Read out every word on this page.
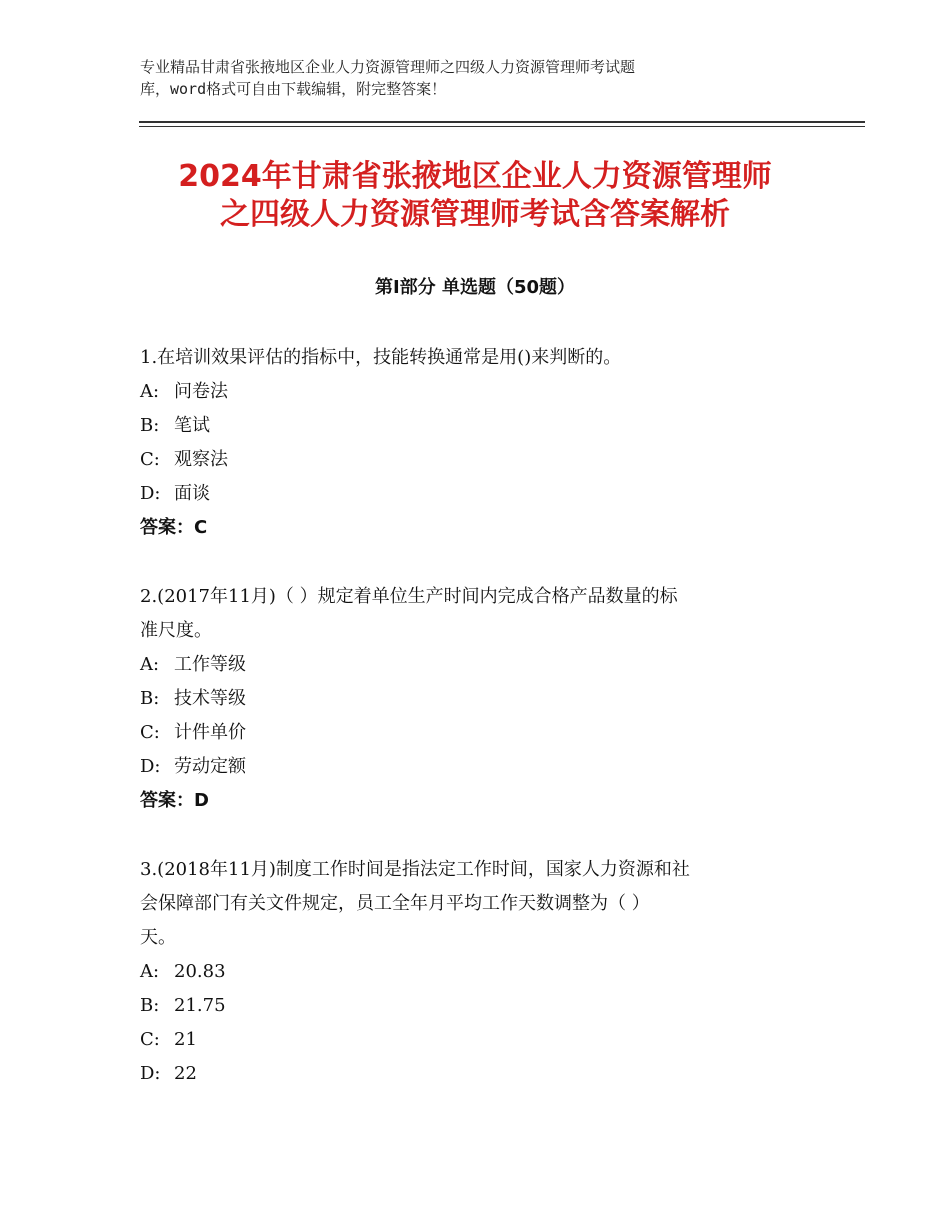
专业精品甘肃省张掖地区企业人力资源管理师之四级人力资源管理师考试题
库，word格式可自由下载编辑，附完整答案！
2024年甘肃省张掖地区企业人力资源管理师
之四级人力资源管理师考试含答案解析
第Ⅰ部分 单选题（50题）
1.在培训效果评估的指标中，技能转换通常是用()来判断的。
A: 问卷法
B: 笔试
C: 观察法
D: 面谈
答案：C
2.(2017年11月)（ ）规定着单位生产时间内完成合格产品数量的标
准尺度。
A: 工作等级
B: 技术等级
C: 计件单价
D: 劳动定额
答案：D
3.(2018年11月)制度工作时间是指法定工作时间，国家人力资源和社
会保障部门有关文件规定，员工全年月平均工作天数调整为（ ）
天。
A: 20.83
B: 21.75
C: 21
D: 22
